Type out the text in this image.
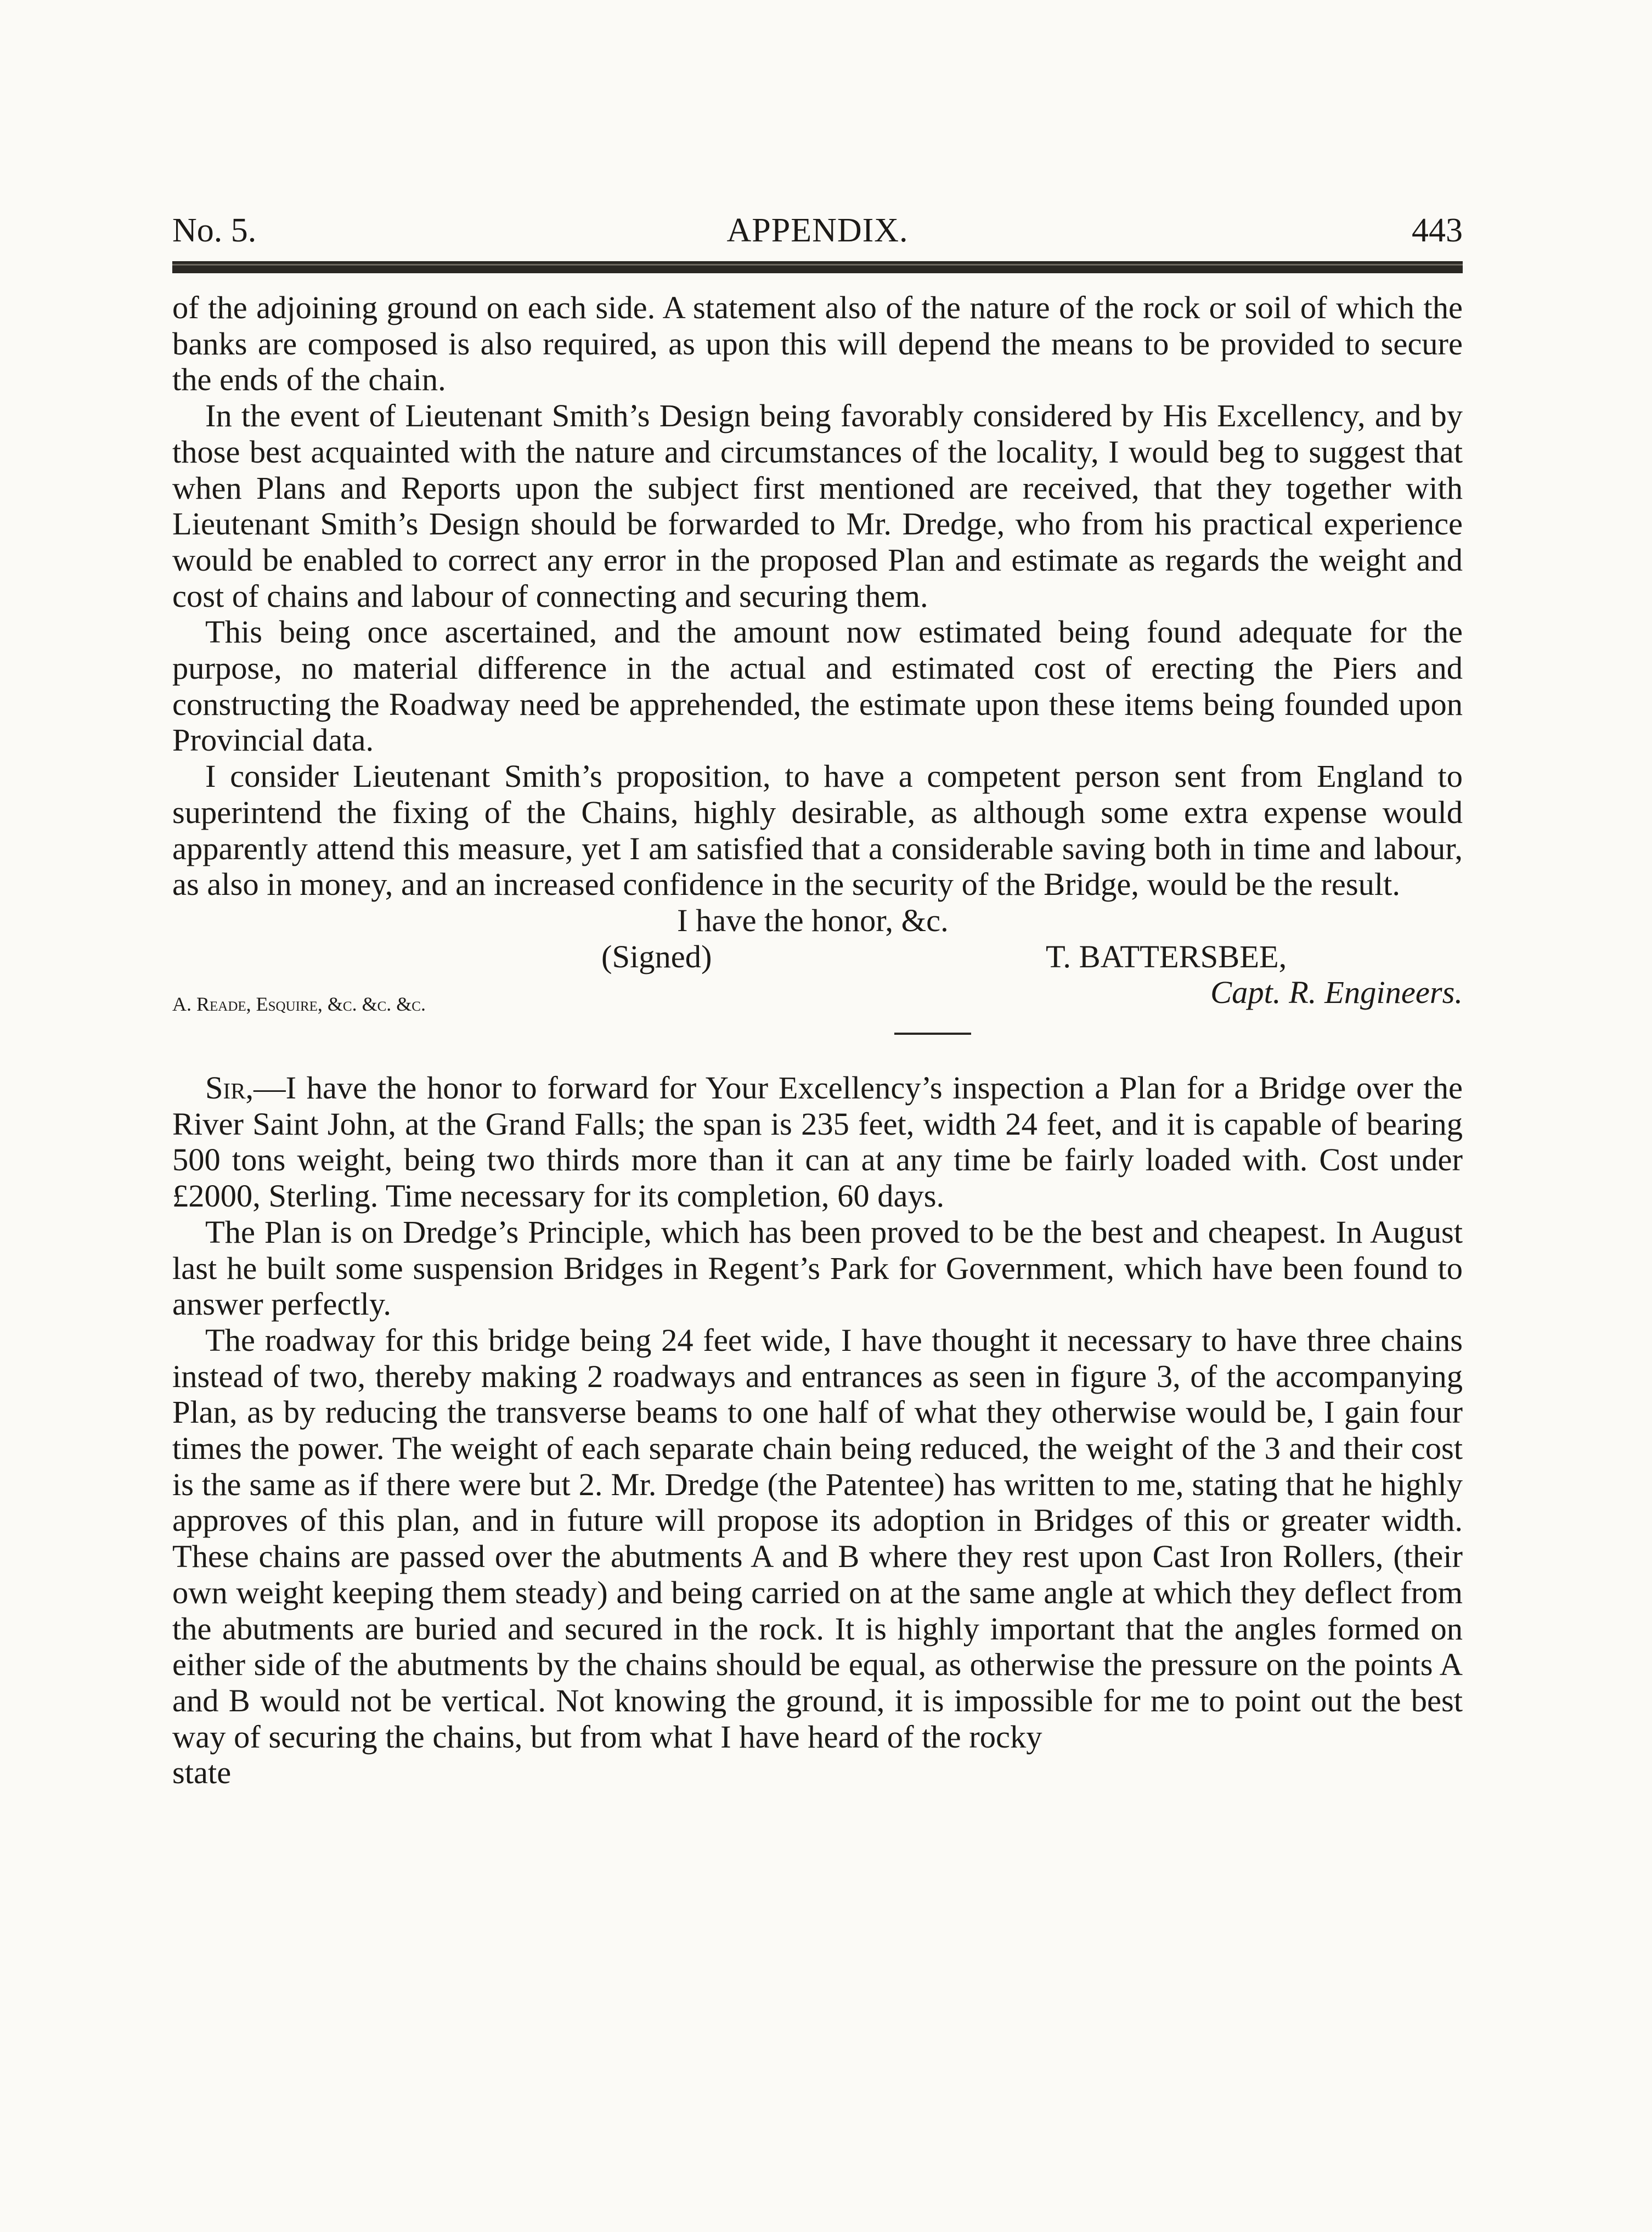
No. 5.	APPENDIX.	443

of the adjoining ground on each side. A statement also of the nature of the rock or soil of which the banks are composed is also required, as upon this will depend the means to be provided to secure the ends of the chain.

In the event of Lieutenant Smith’s Design being favorably considered by His Excellency, and by those best acquainted with the nature and circumstances of the locality, I would beg to suggest that when Plans and Reports upon the subject first mentioned are received, that they together with Lieutenant Smith’s Design should be forwarded to Mr. Dredge, who from his practical experience would be enabled to correct any error in the proposed Plan and estimate as regards the weight and cost of chains and labour of connecting and securing them.

This being once ascertained, and the amount now estimated being found adequate for the purpose, no material difference in the actual and estimated cost of erecting the Piers and constructing the Roadway need be apprehended, the estimate upon these items being founded upon Provincial data.

I consider Lieutenant Smith’s proposition, to have a competent person sent from England to superintend the fixing of the Chains, highly desirable, as although some extra expense would apparently attend this measure, yet I am satisfied that a considerable saving both in time and labour, as also in money, and an increased confidence in the security of the Bridge, would be the result.

I have the honor, &c.
(Signed)	T. BATTERSBEE,
Capt. R. Engineers.
A. Reade, Esquire, &c. &c. &c.

Sir,—I have the honor to forward for Your Excellency’s inspection a Plan for a Bridge over the River Saint John, at the Grand Falls; the span is 235 feet, width 24 feet, and it is capable of bearing 500 tons weight, being two thirds more than it can at any time be fairly loaded with. Cost under £2000, Sterling. Time necessary for its completion, 60 days.

The Plan is on Dredge’s Principle, which has been proved to be the best and cheapest. In August last he built some suspension Bridges in Regent’s Park for Government, which have been found to answer perfectly.

The roadway for this bridge being 24 feet wide, I have thought it necessary to have three chains instead of two, thereby making 2 roadways and entrances as seen in figure 3, of the accompanying Plan, as by reducing the transverse beams to one half of what they otherwise would be, I gain four times the power. The weight of each separate chain being reduced, the weight of the 3 and their cost is the same as if there were but 2. Mr. Dredge (the Patentee) has written to me, stating that he highly approves of this plan, and in future will propose its adoption in Bridges of this or greater width. These chains are passed over the abutments A and B where they rest upon Cast Iron Rollers, (their own weight keeping them steady) and being carried on at the same angle at which they deflect from the abutments are buried and secured in the rock. It is highly important that the angles formed on either side of the abutments by the chains should be equal, as otherwise the pressure on the points A and B would not be vertical. Not knowing the ground, it is impossible for me to point out the best way of securing the chains, but from what I have heard of the rocky

state
